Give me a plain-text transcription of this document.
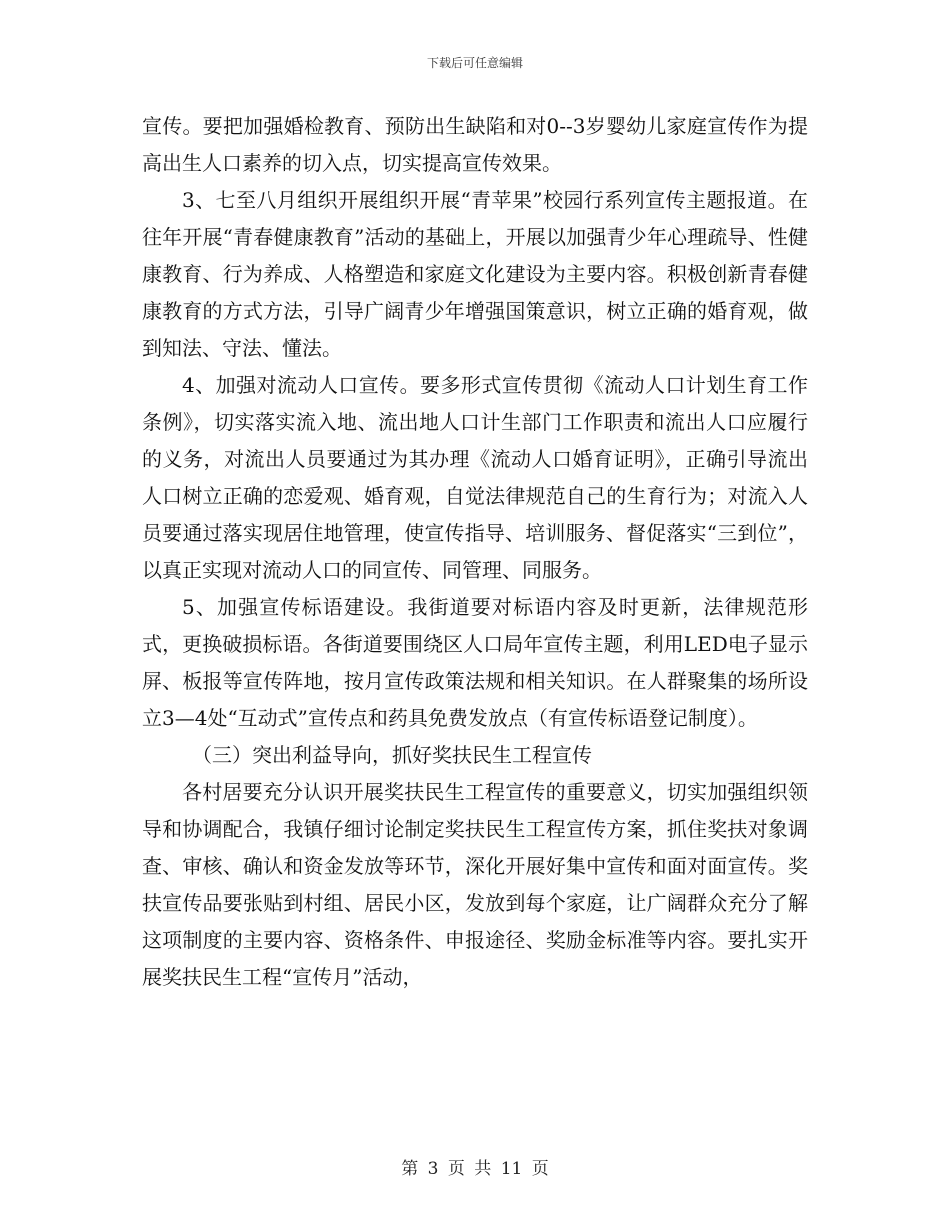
下载后可任意编辑

宣传。要把加强婚检教育、预防出生缺陷和对0--3岁婴幼儿家庭宣传作为提高出生人口素养的切入点，切实提高宣传效果。

3、七至八月组织开展组织开展“青苹果”校园行系列宣传主题报道。在往年开展“青春健康教育”活动的基础上，开展以加强青少年心理疏导、性健康教育、行为养成、人格塑造和家庭文化建设为主要内容。积极创新青春健康教育的方式方法，引导广阔青少年增强国策意识，树立正确的婚育观，做到知法、守法、懂法。

4、加强对流动人口宣传。要多形式宣传贯彻《流动人口计划生育工作条例》，切实落实流入地、流出地人口计生部门工作职责和流出人口应履行的义务，对流出人员要通过为其办理《流动人口婚育证明》，正确引导流出人口树立正确的恋爱观、婚育观，自觉法律规范自己的生育行为；对流入人员要通过落实现居住地管理，使宣传指导、培训服务、督促落实“三到位”，以真正实现对流动人口的同宣传、同管理、同服务。

5、加强宣传标语建设。我街道要对标语内容及时更新，法律规范形式，更换破损标语。各街道要围绕区人口局年宣传主题，利用LED电子显示屏、板报等宣传阵地，按月宣传政策法规和相关知识。在人群聚集的场所设立3—4处“互动式”宣传点和药具免费发放点（有宣传标语登记制度）。

（三）突出利益导向，抓好奖扶民生工程宣传

各村居要充分认识开展奖扶民生工程宣传的重要意义，切实加强组织领导和协调配合，我镇仔细讨论制定奖扶民生工程宣传方案，抓住奖扶对象调查、审核、确认和资金发放等环节，深化开展好集中宣传和面对面宣传。奖扶宣传品要张贴到村组、居民小区，发放到每个家庭，让广阔群众充分了解这项制度的主要内容、资格条件、申报途径、奖励金标准等内容。要扎实开展奖扶民生工程“宣传月”活动，

第 3 页 共 11 页
